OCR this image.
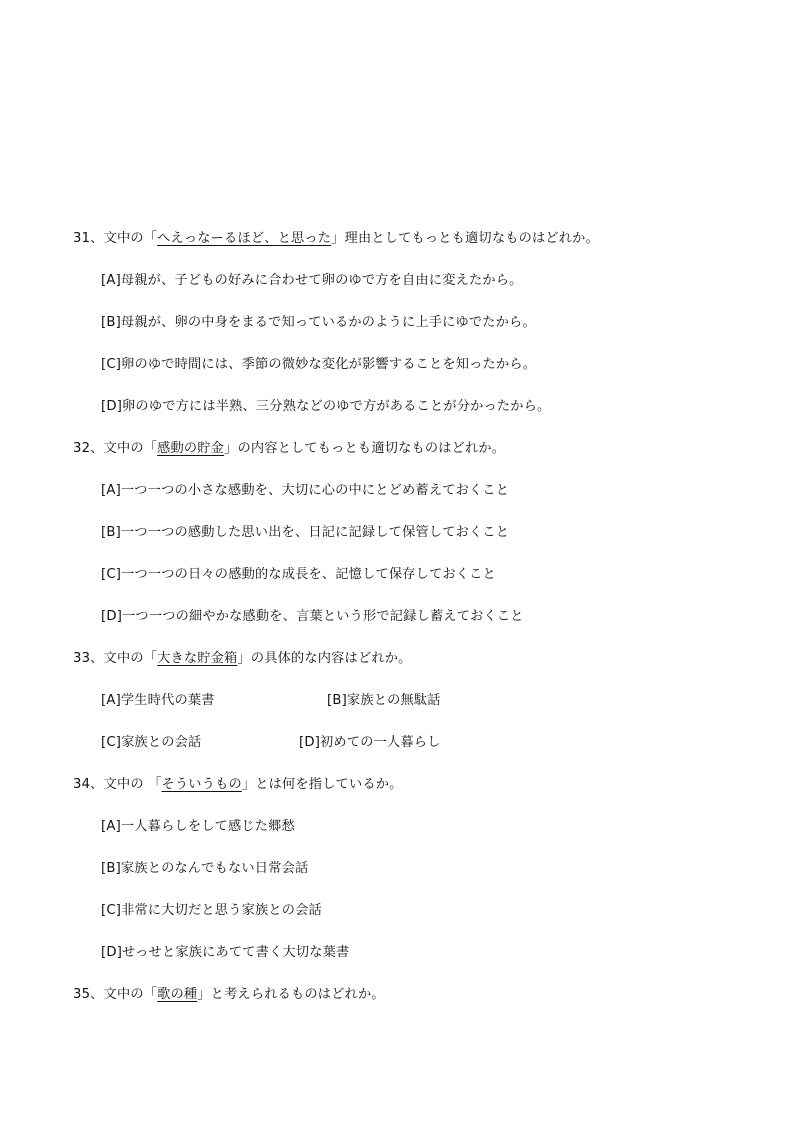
31、文中の「へえっなーるほど、と思った」理由としてもっとも適切なものはどれか。
[A]母親が、子どもの好みに合わせて卵のゆで方を自由に変えたから。
[B]母親が、卵の中身をまるで知っているかのように上手にゆでたから。
[C]卵のゆで時間には、季節の微妙な変化が影響することを知ったから。
[D]卵のゆで方には半熟、三分熟などのゆで方があることが分かったから。
32、文中の「感動の貯金」の内容としてもっとも適切なものはどれか。
[A]一つ一つの小さな感動を、大切に心の中にとどめ蓄えておくこと
[B]一つ一つの感動した思い出を、日記に記録して保管しておくこと
[C]一つ一つの日々の感動的な成長を、記憶して保存しておくこと
[D]一つ一つの細やかな感動を、言葉という形で記録し蓄えておくこと
33、文中の「大きな貯金箱」の具体的な内容はどれか。
[A]学生時代の葉書	[B]家族との無駄話
[C]家族との会話	[D]初めての一人暮らし
34、文中の 「そういうもの」とは何を指しているか。
[A]一人暮らしをして感じた郷愁
[B]家族とのなんでもない日常会話
[C]非常に大切だと思う家族との会話
[D]せっせと家族にあてて書く大切な葉書
35、文中の「歌の種」と考えられるものはどれか。
